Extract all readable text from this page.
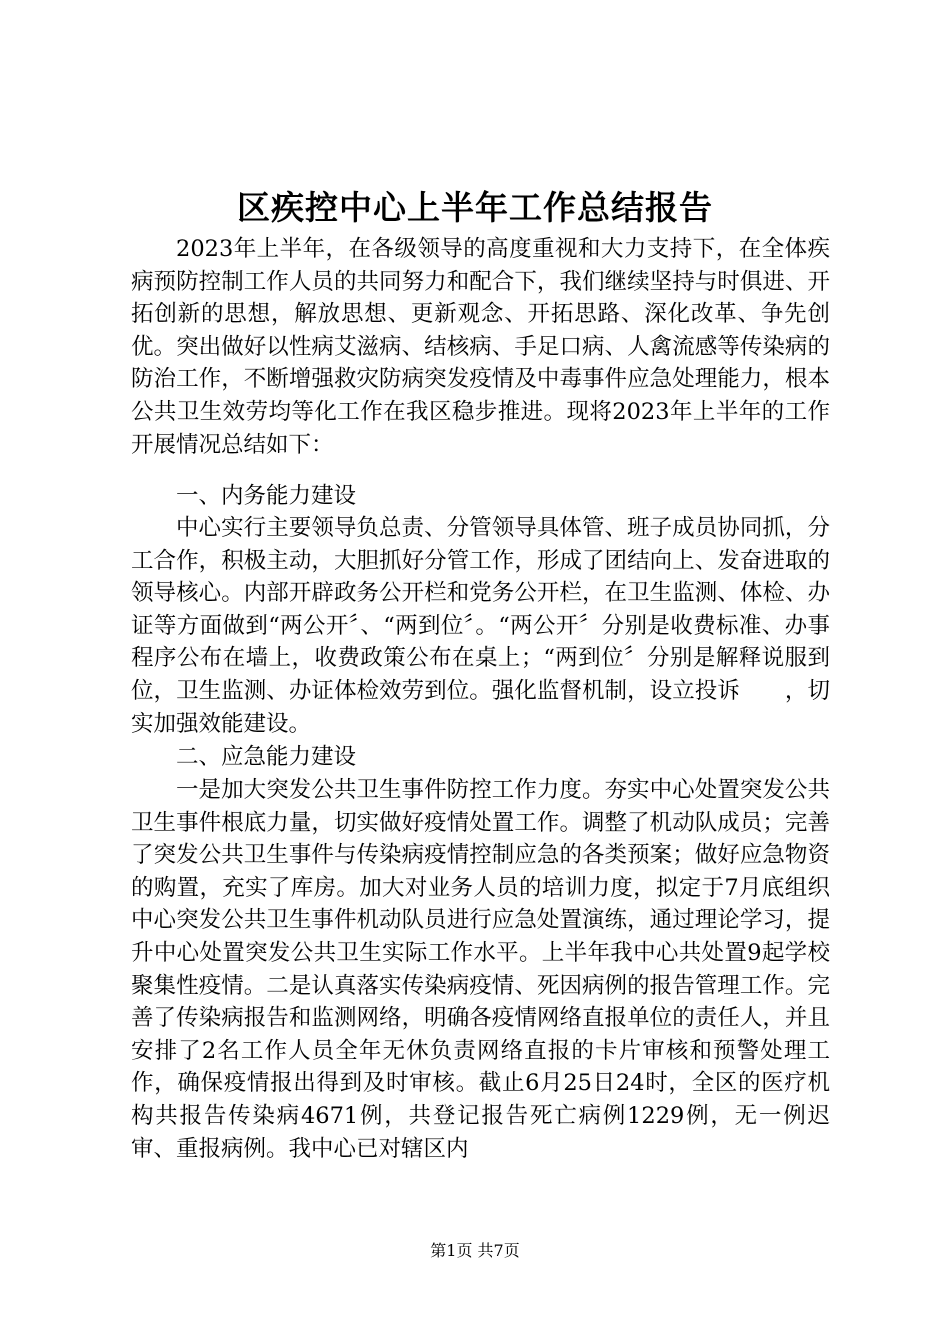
区疾控中心上半年工作总结报告

2023年上半年，在各级领导的高度重视和大力支持下，在全体疾病预防控制工作人员的共同努力和配合下，我们继续坚持与时俱进、开拓创新的思想，解放思想、更新观念、开拓思路、深化改革、争先创优。突出做好以性病艾滋病、结核病、手足口病、人禽流感等传染病的防治工作，不断增强救灾防病突发疫情及中毒事件应急处理能力，根本公共卫生效劳均等化工作在我区稳步推进。现将2023年上半年的工作开展情况总结如下：

一、内务能力建设

中心实行主要领导负总责、分管领导具体管、班子成员协同抓，分工合作，积极主动，大胆抓好分管工作，形成了团结向上、发奋进取的领导核心。内部开辟政务公开栏和党务公开栏，在卫生监测、体检、办证等方面做到“两公开〞、“两到位〞。“两公开〞分别是收费标准、办事程序公布在墙上，收费政策公布在桌上；“两到位〞分别是解释说服到位，卫生监测、办证体检效劳到位。强化监督机制，设立投诉　　，切实加强效能建设。

二、应急能力建设

一是加大突发公共卫生事件防控工作力度。夯实中心处置突发公共卫生事件根底力量，切实做好疫情处置工作。调整了机动队成员；完善了突发公共卫生事件与传染病疫情控制应急的各类预案；做好应急物资的购置，充实了库房。加大对业务人员的培训力度，拟定于7月底组织中心突发公共卫生事件机动队员进行应急处置演练，通过理论学习，提升中心处置突发公共卫生实际工作水平。上半年我中心共处置9起学校聚集性疫情。二是认真落实传染病疫情、死因病例的报告管理工作。完善了传染病报告和监测网络，明确各疫情网络直报单位的责任人，并且安排了2名工作人员全年无休负责网络直报的卡片审核和预警处理工作，确保疫情报出得到及时审核。截止6月25日24时，全区的医疗机构共报告传染病4671例，共登记报告死亡病例1229例，无一例迟审、重报病例。我中心已对辖区内

第1页 共7页
